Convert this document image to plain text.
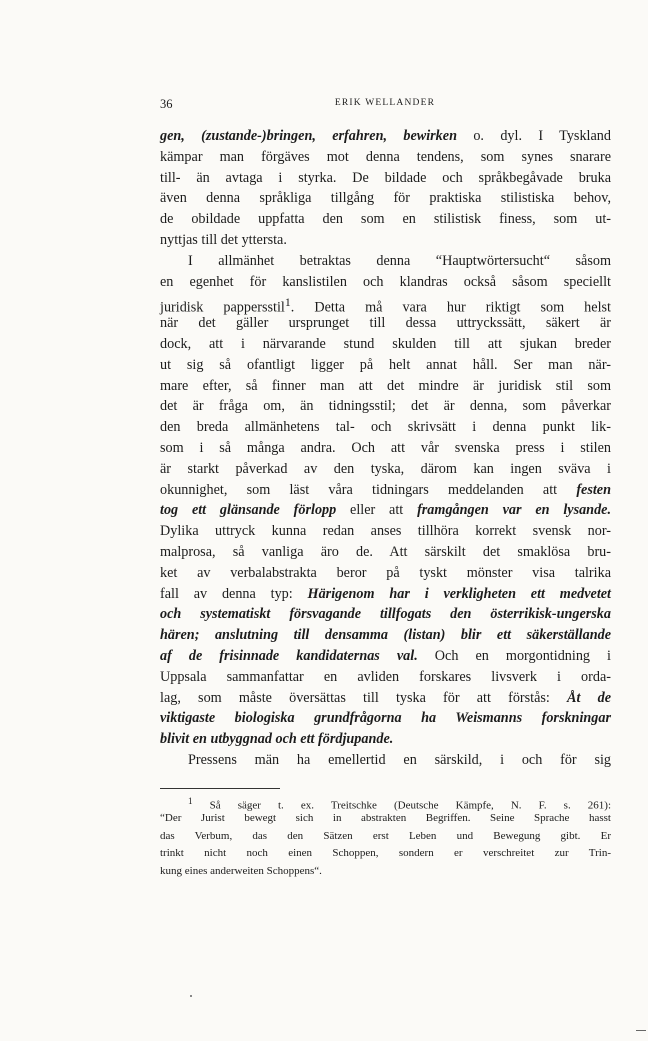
36	ERIK WELLANDER
gen, (zustande-)bringen, erfahren, bewirken o. dyl. I Tyskland
kämpar man förgäves mot denna tendens, som synes snarare
till- än avtaga i styrka. De bildade och språkbegåvade bruka
även denna språkliga tillgång för praktiska stilistiska behov,
de obildade uppfatta den som en stilistisk finess, som ut-
nyttjas till det yttersta.
I allmänhet betraktas denna “Hauptwörtersucht“ såsom
en egenhet för kanslistilen och klandras också såsom speciellt
juridisk pappersstil$^1$. Detta må vara hur riktigt som helst
när det gäller ursprunget till dessa uttryckssätt, säkert är
dock, att i närvarande stund skulden till att sjukan breder
ut sig så ofantligt ligger på helt annat håll. Ser man när-
mare efter, så finner man att det mindre är juridisk stil som
det är fråga om, än tidningsstil; det är denna, som påverkar
den breda allmänhetens tal- och skrivsätt i denna punkt lik-
som i så många andra. Och att vår svenska press i stilen
är starkt påverkad av den tyska, därom kan ingen sväva i
okunnighet, som läst våra tidningars meddelanden att festen
tog ett glänsande förlopp eller att framgången var en lysande.
Dylika uttryck kunna redan anses tillhöra korrekt svensk nor-
malprosa, så vanliga äro de. Att särskilt det smaklösa bru-
ket av verbalabstrakta beror på tyskt mönster visa talrika
fall av denna typ: Härigenom har i verkligheten ett medvetet
och systematiskt försvagande tillfogats den österrikisk-ungerska
hären; anslutning till densamma (listan) blir ett säkerställande
af de frisinnade kandidaternas val. Och en morgontidning i
Uppsala sammanfattar en avliden forskares livsverk i orda-
lag, som måste översättas till tyska för att förstås: Åt de
viktigaste biologiska grundfrågorna ha Weismanns forskningar
blivit en utbyggnad och ett fördjupande.
Pressens män ha emellertid en särskild, i och för sig
$^1$ Så säger t. ex. Treitschke (Deutsche Kämpfe, N. F. s. 261):
“Der Jurist bewegt sich in abstrakten Begriffen. Seine Sprache hasst
das Verbum, das den Sätzen erst Leben und Bewegung gibt. Er
trinkt nicht noch einen Schoppen, sondern er verschreitet zur Trin-
kung eines anderweiten Schoppens“.
